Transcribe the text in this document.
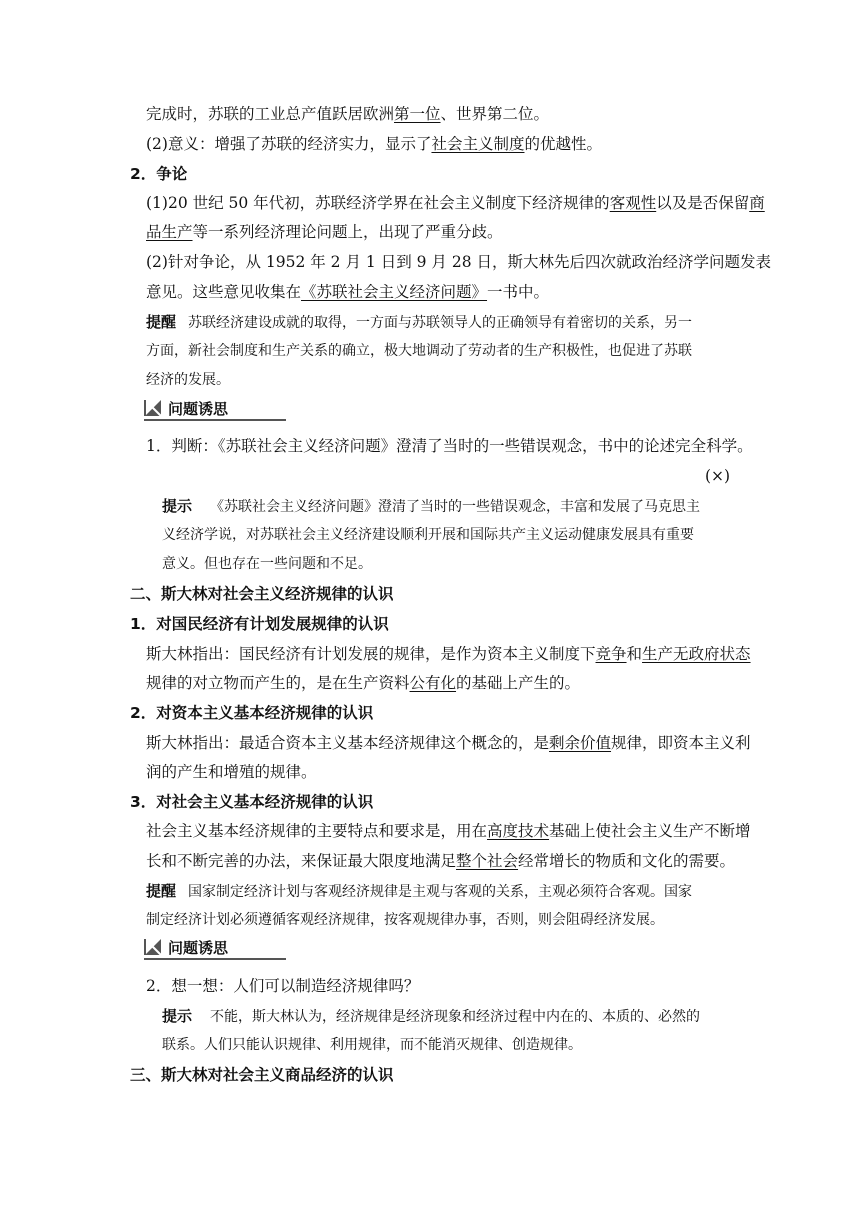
完成时，苏联的工业总产值跃居欧洲第一位、世界第二位。
(2)意义：增强了苏联的经济实力，显示了社会主义制度的优越性。
2．争论
(1)20 世纪 50 年代初，苏联经济学界在社会主义制度下经济规律的客观性以及是否保留商
品生产等一系列经济理论问题上，出现了严重分歧。
(2)针对争论，从 1952 年 2 月 1 日到 9 月 28 日，斯大林先后四次就政治经济学问题发表
意见。这些意见收集在《苏联社会主义经济问题》一书中。
提醒 苏联经济建设成就的取得，一方面与苏联领导人的正确领导有着密切的关系，另一
方面，新社会制度和生产关系的确立，极大地调动了劳动者的生产积极性，也促进了苏联
经济的发展。
问题诱思
1．判断：《苏联社会主义经济问题》澄清了当时的一些错误观念，书中的论述完全科学。
(×)
提示 《苏联社会主义经济问题》澄清了当时的一些错误观念，丰富和发展了马克思主
义经济学说，对苏联社会主义经济建设顺利开展和国际共产主义运动健康发展具有重要
意义。但也存在一些问题和不足。
二、斯大林对社会主义经济规律的认识
1．对国民经济有计划发展规律的认识
斯大林指出：国民经济有计划发展的规律，是作为资本主义制度下竞争和生产无政府状态
规律的对立物而产生的，是在生产资料公有化的基础上产生的。
2．对资本主义基本经济规律的认识
斯大林指出：最适合资本主义基本经济规律这个概念的，是剩余价值规律，即资本主义利
润的产生和增殖的规律。
3．对社会主义基本经济规律的认识
社会主义基本经济规律的主要特点和要求是，用在高度技术基础上使社会主义生产不断增
长和不断完善的办法，来保证最大限度地满足整个社会经常增长的物质和文化的需要。
提醒 国家制定经济计划与客观经济规律是主观与客观的关系，主观必须符合客观。国家
制定经济计划必须遵循客观经济规律，按客观规律办事，否则，则会阻碍经济发展。
问题诱思
2．想一想：人们可以制造经济规律吗？
提示 不能，斯大林认为，经济规律是经济现象和经济过程中内在的、本质的、必然的
联系。人们只能认识规律、利用规律，而不能消灭规律、创造规律。
三、斯大林对社会主义商品经济的认识
